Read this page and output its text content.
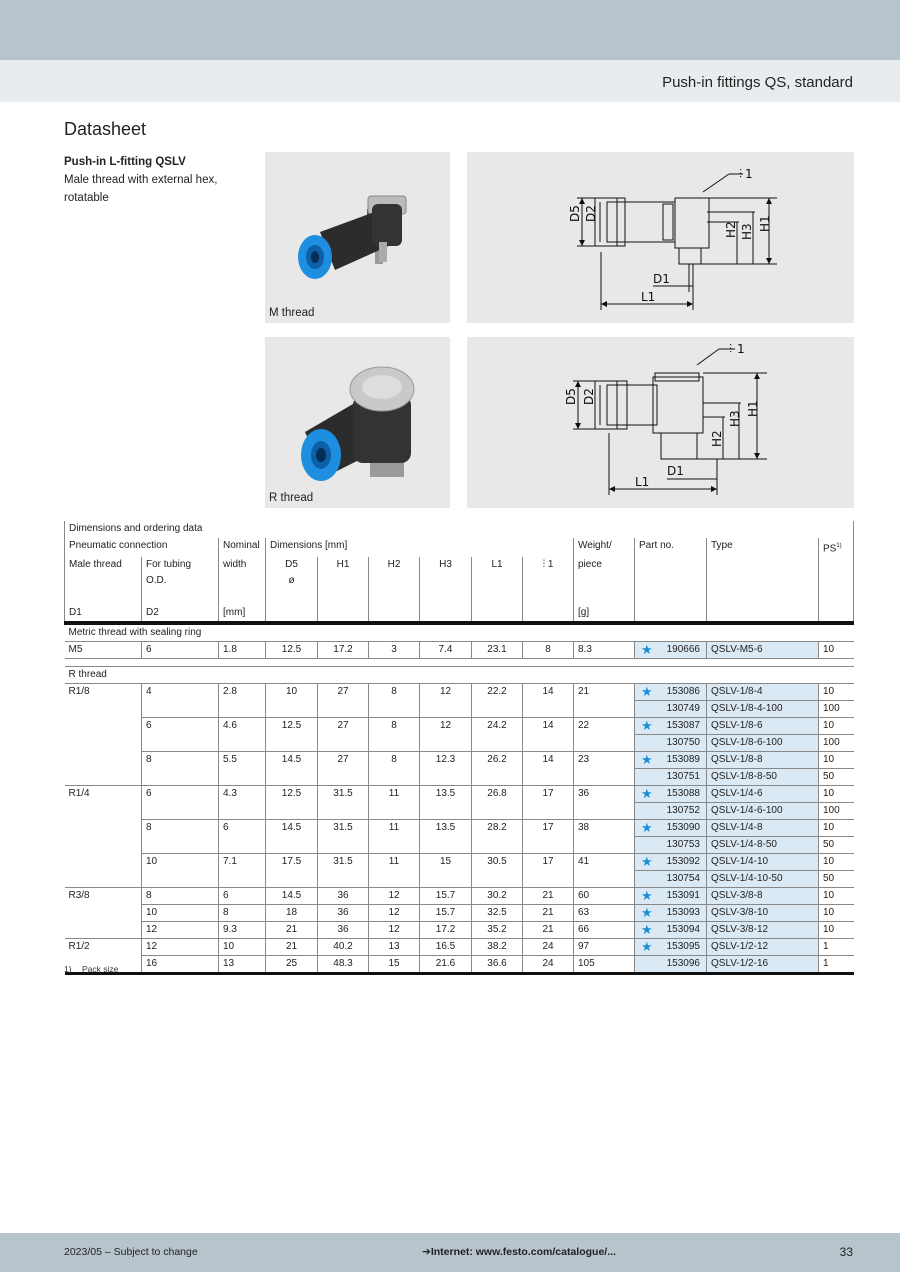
Push-in fittings QS, standard
Datasheet
Push-in L-fitting QSLV
Male thread with external hex,
rotatable
M thread
⫶ 1
D5 D2
D1
L1
H2 H3 H1
R thread
⫶ 1
D5 D2
D1
L1
H2
H3
H1
Dimensions and ordering data												
Pneumatic connection		Nominal	Dimensions [mm]						Weight/	Part no.	Type	PS$^{1)}$
Male thread	For tubing O.D.	width	D5
ø	H1	H2	H3	L1	⫶ 1	piece			
D1	D2	[mm]							[g]			
Metric thread with sealing ring												
M5	6	1.8	12.5	17.2	3	7.4	23.1	8	8.3	★ 190666	QSLV-M5-6	10

R thread												
R1/8	4	2.8	10	27	8	12	22.2	14	21	★ 153086	QSLV-1/8-4	10
										130749	QSLV-1/8-4-100	100
	6	4.6	12.5	27	8	12	24.2	14	22	★ 153087	QSLV-1/8-6	10
										130750	QSLV-1/8-6-100	100
	8	5.5	14.5	27	8	12.3	26.2	14	23	★ 153089	QSLV-1/8-8	10
										130751	QSLV-1/8-8-50	50
R1/4	6	4.3	12.5	31.5	11	13.5	26.8	17	36	★ 153088	QSLV-1/4-6	10
										130752	QSLV-1/4-6-100	100
	8	6	14.5	31.5	11	13.5	28.2	17	38	★ 153090	QSLV-1/4-8	10
										130753	QSLV-1/4-8-50	50
	10	7.1	17.5	31.5	11	15	30.5	17	41	★ 153092	QSLV-1/4-10	10
										130754	QSLV-1/4-10-50	50
R3/8	8	6	14.5	36	12	15.7	30.2	21	60	★ 153091	QSLV-3/8-8	10
	10	8	18	36	12	15.7	32.5	21	63	★ 153093	QSLV-3/8-10	10
	12	9.3	21	36	12	17.2	35.2	21	66	★ 153094	QSLV-3/8-12	10
R1/2	12	10	21	40.2	13	16.5	38.2	24	97	★ 153095	QSLV-1/2-12	1
	16	13	25	48.3	15	21.6	36.6	24	105	153096	QSLV-1/2-16	1
1) Pack size
2023/05 – Subject to change	➔Internet: www.festo.com/catalogue/...	33
